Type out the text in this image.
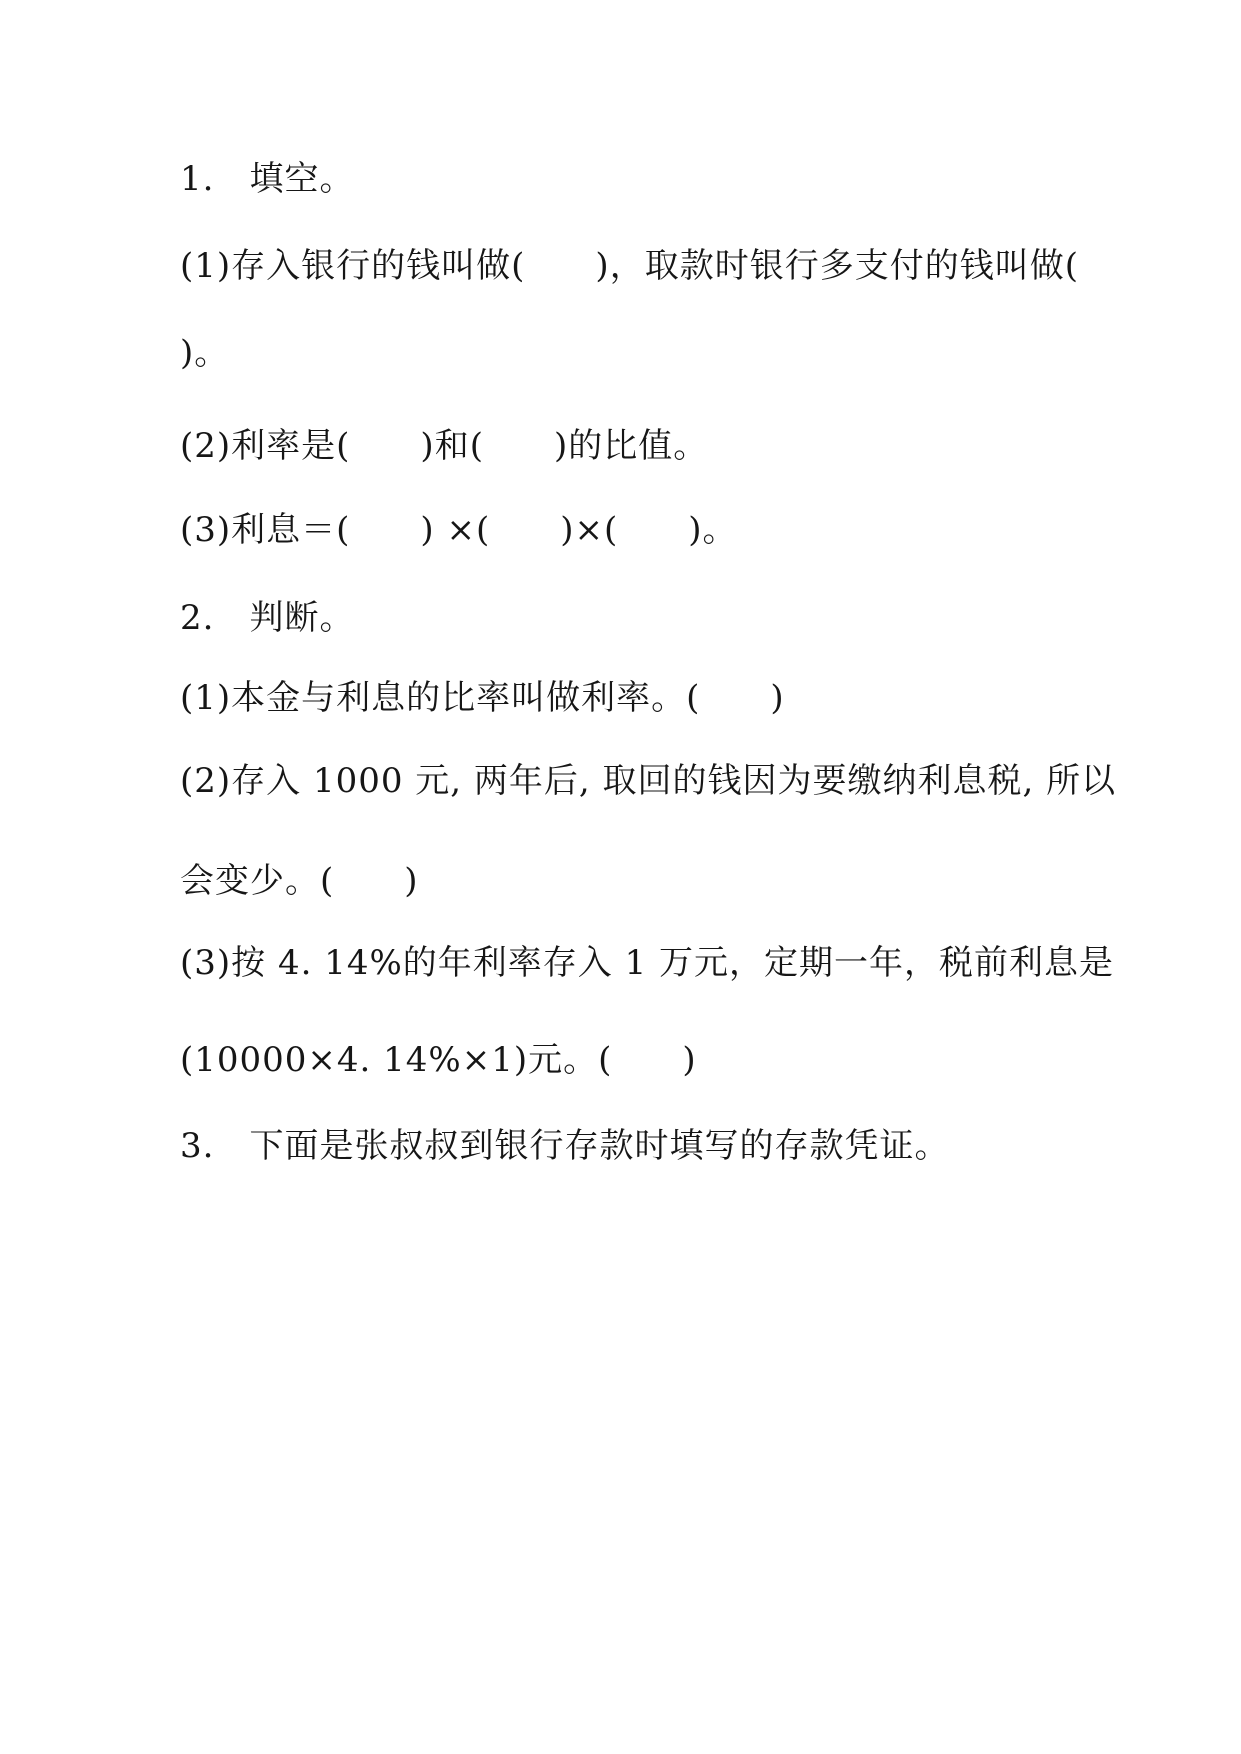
1.　填空。
(1)存入银行的钱叫做(　　)，取款时银行多支付的钱叫做(
)。
(2)利率是(　　)和(　　)的比值。
(3)利息＝(　　) ×(　　)×(　　)。
2.　判断。
(1)本金与利息的比率叫做利率。(　　)
(2)存入 1000 元, 两年后, 取回的钱因为要缴纳利息税, 所以
会变少。(　　)
(3)按 4. 14%的年利率存入 1 万元，定期一年，税前利息是
(10000×4. 14%×1)元。(　　)
3.　下面是张叔叔到银行存款时填写的存款凭证。
